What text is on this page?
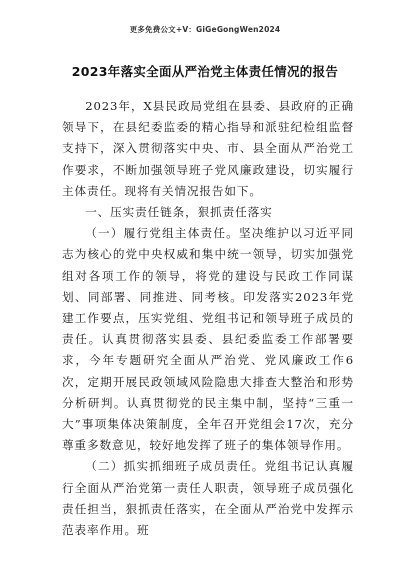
更多免费公文+V：GiGeGongWen2024
2023年落实全面从严治党主体责任情况的报告

2023年，X县民政局党组在县委、县政府的正确领导下，在县纪委监委的精心指导和派驻纪检组监督支持下，深入贯彻落实中央、市、县全面从严治党工作要求，不断加强领导班子党风廉政建设，切实履行主体责任。现将有关情况报告如下。

一、压实责任链条，狠抓责任落实

（一）履行党组主体责任。坚决维护以习近平同志为核心的党中央权威和集中统一领导，切实加强党组对各项工作的领导，将党的建设与民政工作同谋划、同部署、同推进、同考核。印发落实2023年党建工作要点，压实党组、党组书记和领导班子成员的责任。认真贯彻落实县委、县纪委监委工作部署要求，今年专题研究全面从严治党、党风廉政工作6次，定期开展民政领域风险隐患大排查大整治和形势分析研判。认真贯彻党的民主集中制，坚持“三重一大”事项集体决策制度，全年召开党组会17次，充分尊重多数意见，较好地发挥了班子的集体领导作用。

（二）抓实抓细班子成员责任。党组书记认真履行全面从严治党第一责任人职责，领导班子成员强化责任担当，狠抓责任落实，在全面从严治党中发挥示范表率作用。班
